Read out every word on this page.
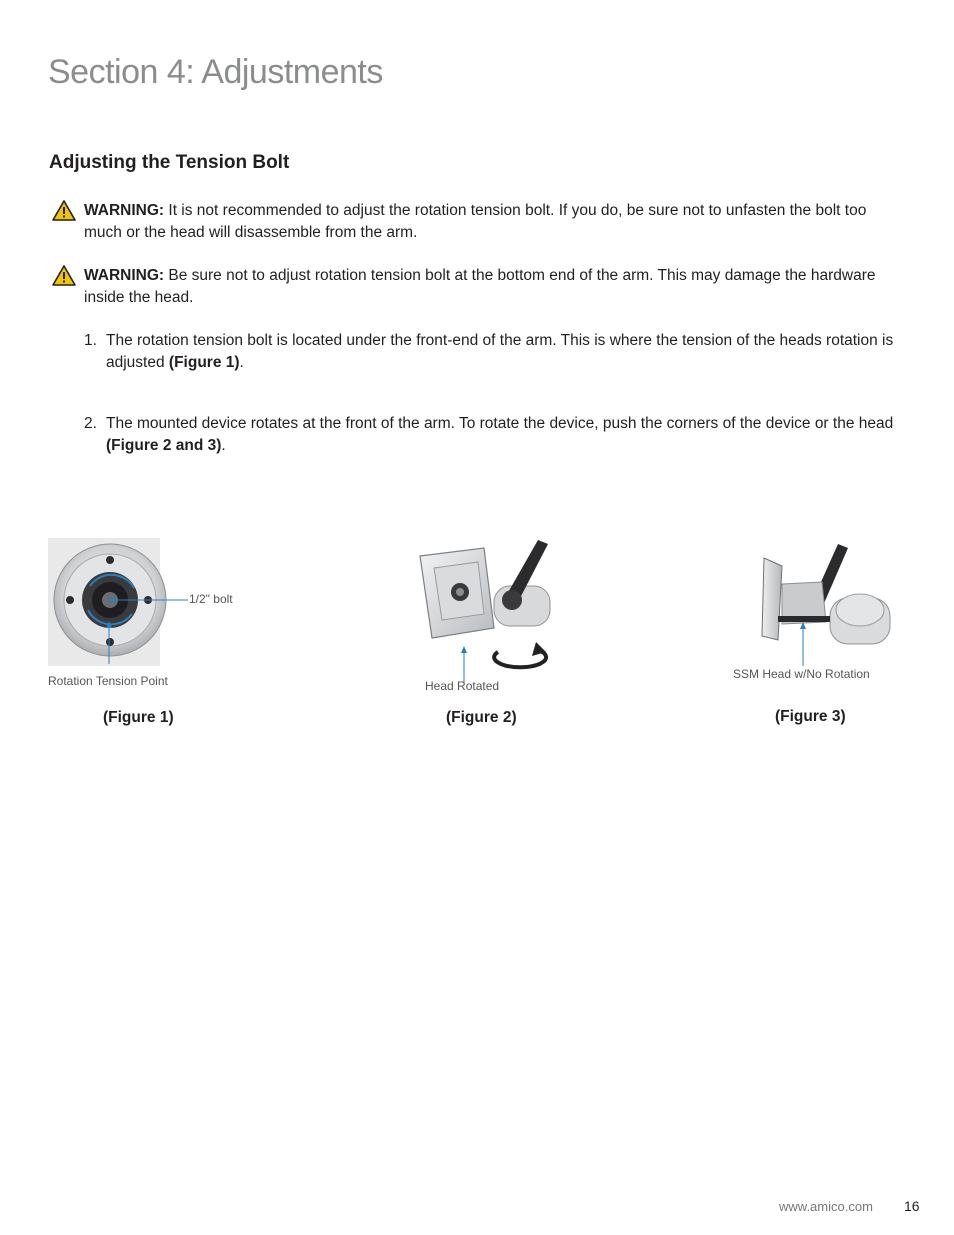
Section 4: Adjustments
Adjusting the Tension Bolt
WARNING: It is not recommended to adjust the rotation tension bolt. If you do, be sure not to unfasten the bolt too much or the head will disassemble from the arm.
WARNING: Be sure not to adjust rotation tension bolt at the bottom end of the arm. This may damage the hardware inside the head.
1. The rotation tension bolt is located under the front-end of the arm. This is where the tension of the heads rotation is adjusted (Figure 1).
2. The mounted device rotates at the front of the arm. To rotate the device, push the corners of the device or the head (Figure 2 and 3).
1/2" bolt
Rotation Tension Point
(Figure 1)
Head Rotated
(Figure 2)
SSM Head w/No Rotation
(Figure 3)
www.amico.com 16
